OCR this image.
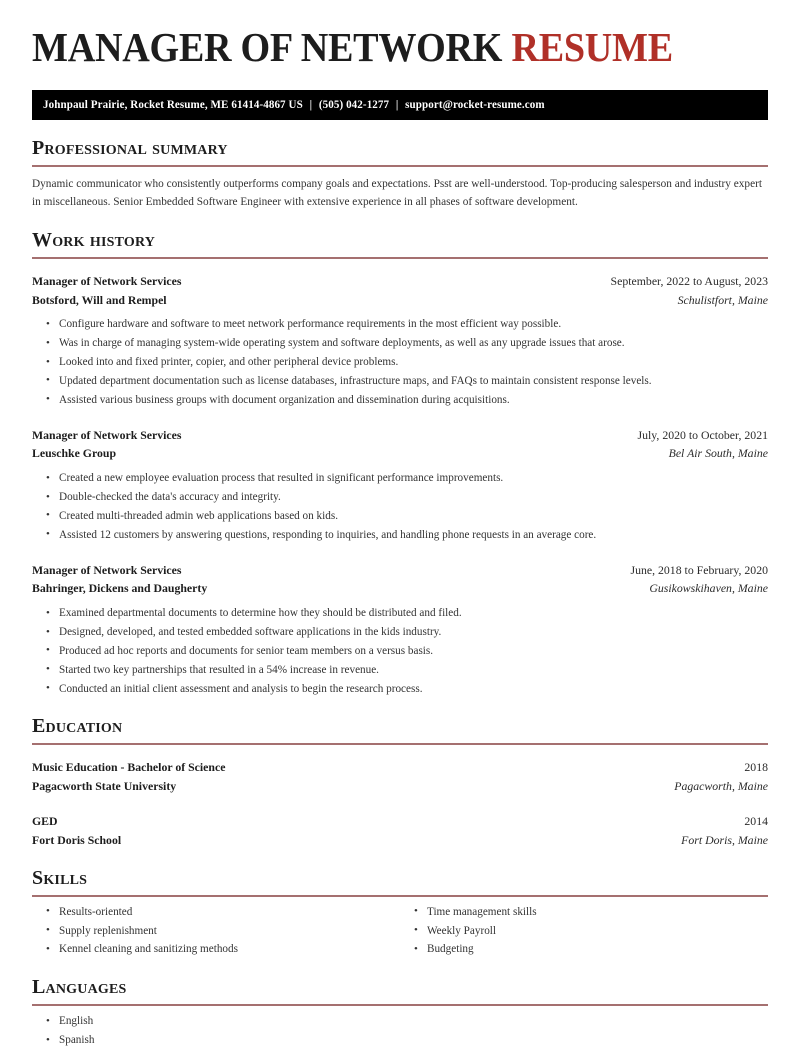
MANAGER OF NETWORK RESUME
Johnpaul Prairie, Rocket Resume, ME 61414-4867 US | (505) 042-1277 | support@rocket-resume.com
Professional summary
Dynamic communicator who consistently outperforms company goals and expectations. Psst are well-understood. Top-producing salesperson and industry expert in miscellaneous. Senior Embedded Software Engineer with extensive experience in all phases of software development.
Work history
Manager of Network Services	September, 2022 to August, 2023
Botsford, Will and Rempel	Schulistfort, Maine
• Configure hardware and software to meet network performance requirements in the most efficient way possible.
• Was in charge of managing system-wide operating system and software deployments, as well as any upgrade issues that arose.
• Looked into and fixed printer, copier, and other peripheral device problems.
• Updated department documentation such as license databases, infrastructure maps, and FAQs to maintain consistent response levels.
• Assisted various business groups with document organization and dissemination during acquisitions.
Manager of Network Services	July, 2020 to October, 2021
Leuschke Group	Bel Air South, Maine
• Created a new employee evaluation process that resulted in significant performance improvements.
• Double-checked the data's accuracy and integrity.
• Created multi-threaded admin web applications based on kids.
• Assisted 12 customers by answering questions, responding to inquiries, and handling phone requests in an average core.
Manager of Network Services	June, 2018 to February, 2020
Bahringer, Dickens and Daugherty	Gusikowskihaven, Maine
• Examined departmental documents to determine how they should be distributed and filed.
• Designed, developed, and tested embedded software applications in the kids industry.
• Produced ad hoc reports and documents for senior team members on a versus basis.
• Started two key partnerships that resulted in a 54% increase in revenue.
• Conducted an initial client assessment and analysis to begin the research process.
Education
Music Education - Bachelor of Science	2018
Pagacworth State University	Pagacworth, Maine
GED	2014
Fort Doris School	Fort Doris, Maine
Skills
• Results-oriented
• Supply replenishment
• Kennel cleaning and sanitizing methods
• Time management skills
• Weekly Payroll
• Budgeting
Languages
• English
• Spanish
